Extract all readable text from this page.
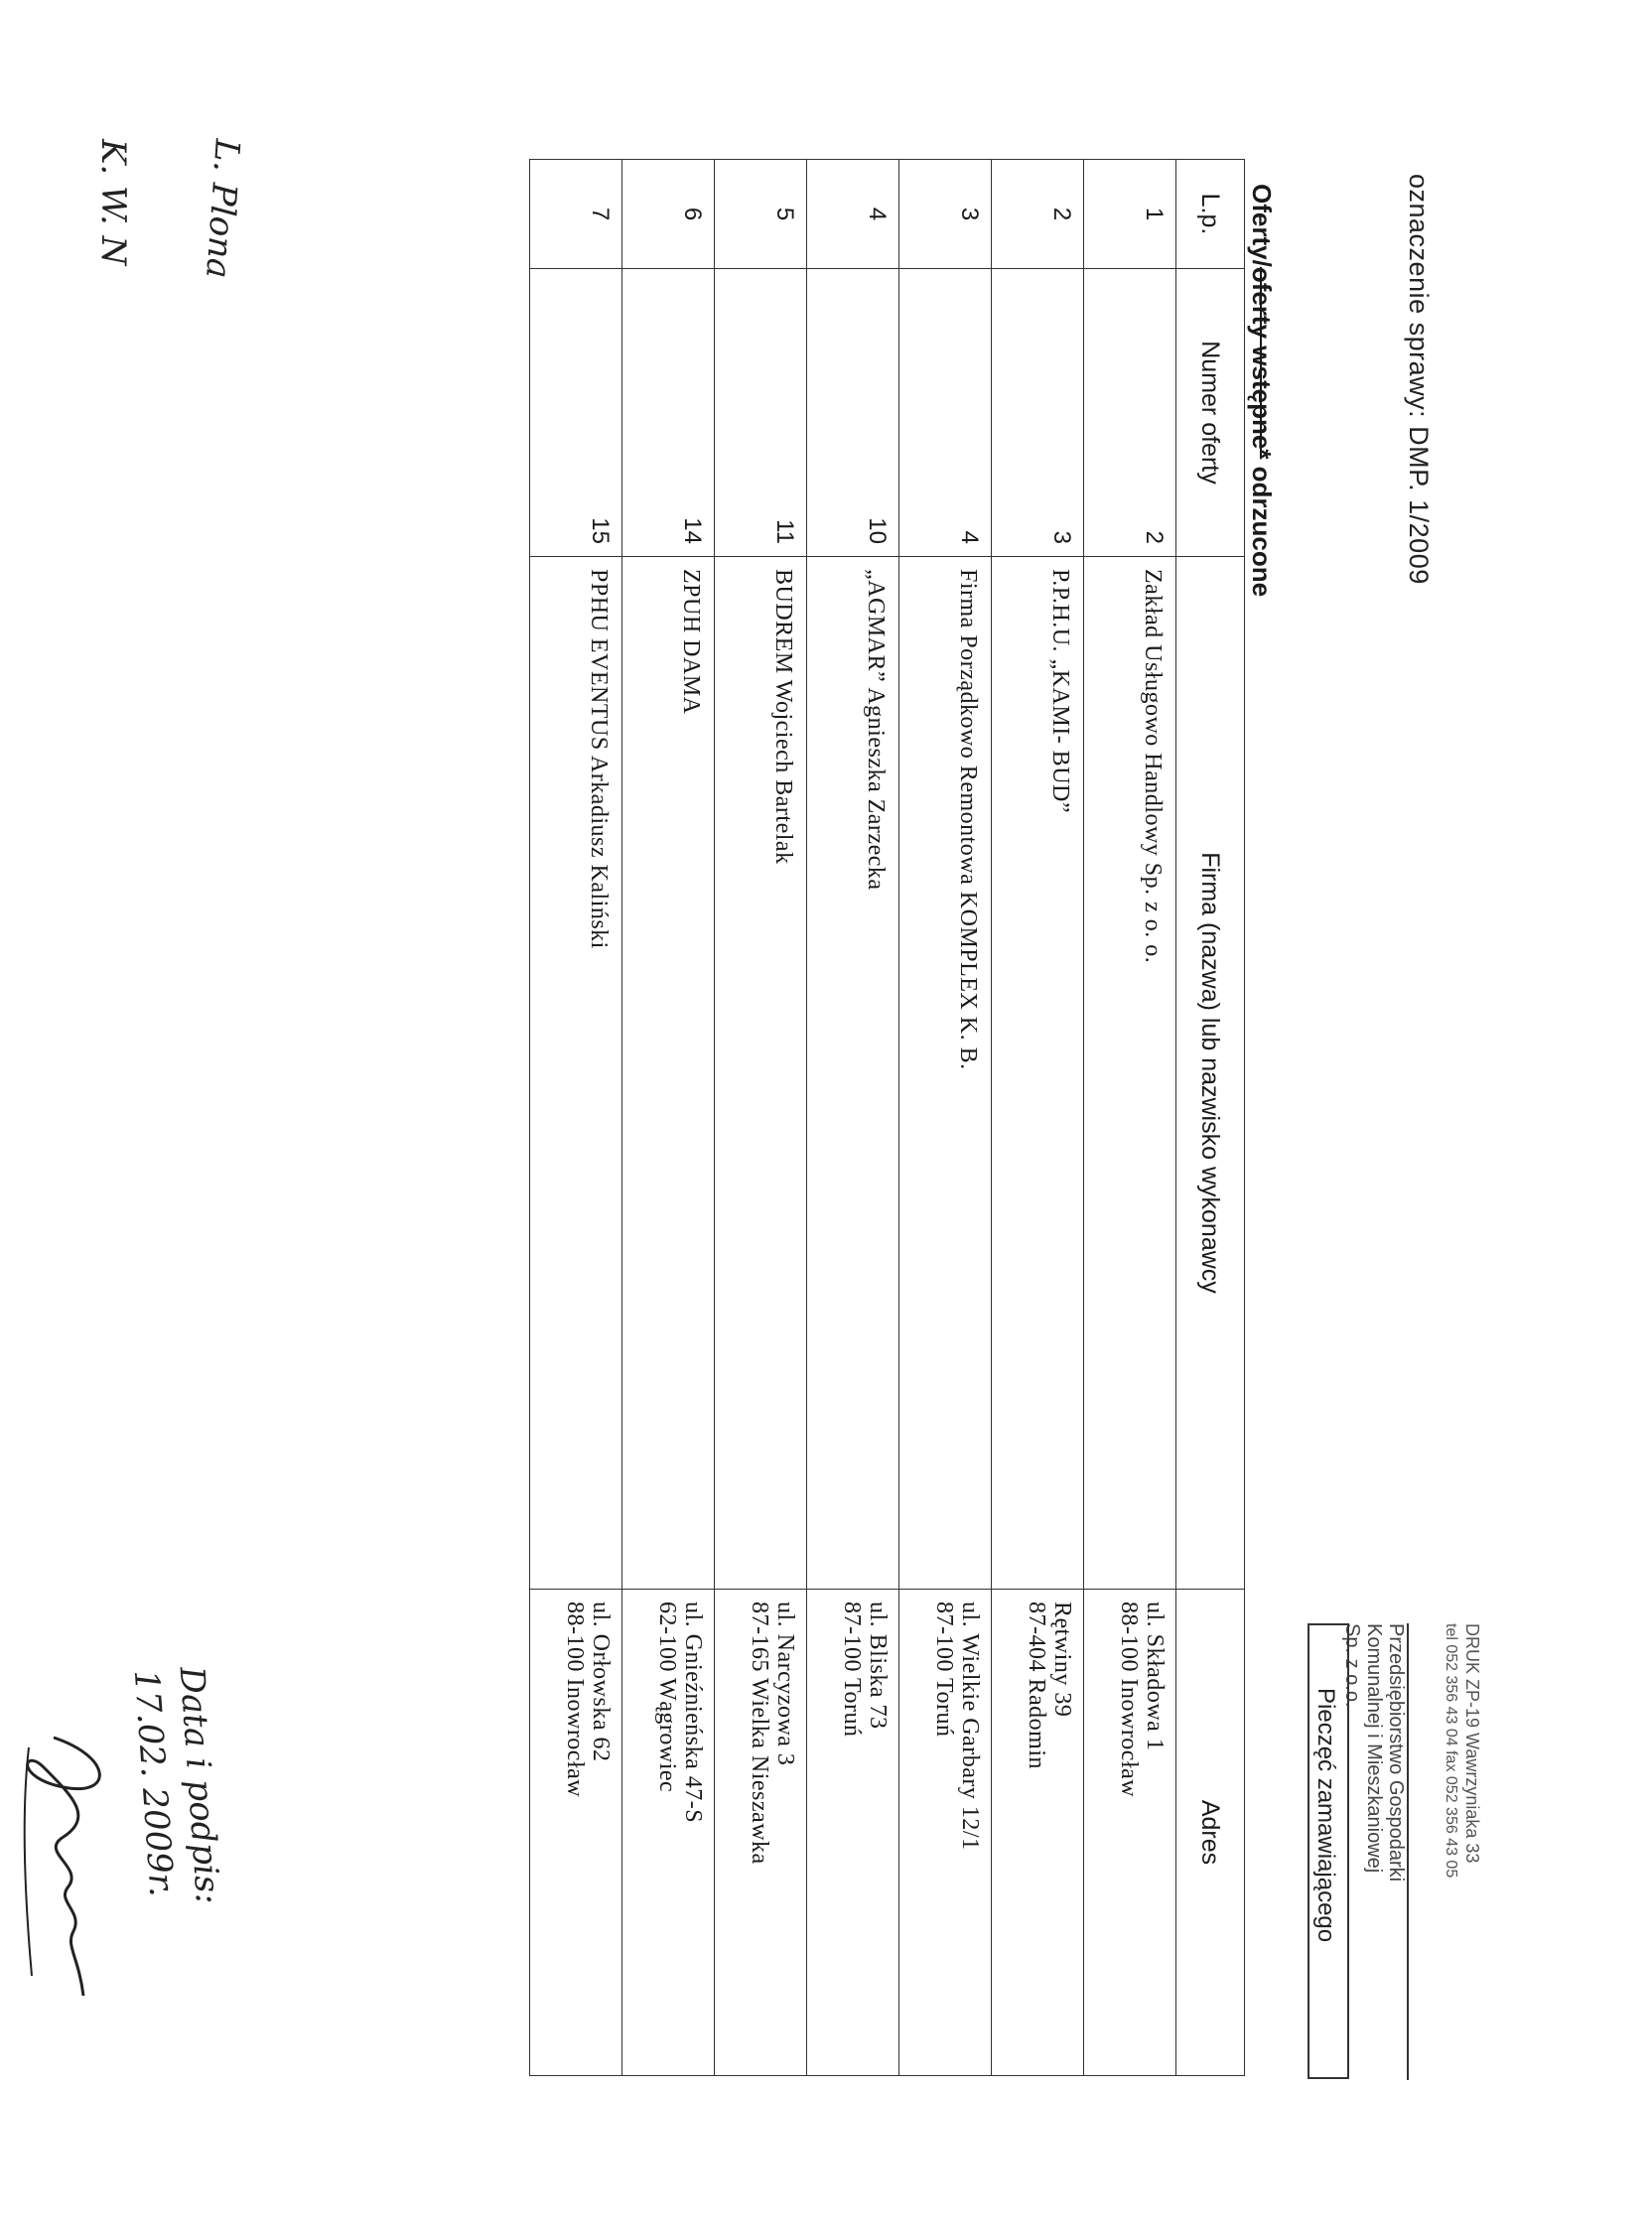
oznaczenie sprawy: DMP. 1/2009
Przedsiębiorstwo Gospodarki
Komunalnej i Mieszkaniowej
Sp. z o.o.
Pieczęć zamawiającego	DRUK ZP-19 Wawrzyniaka 33
tel 052 356 43 04 fax 052 356 43 05
Oferty/oferty wstępne* odrzucone
L.p.	Numer oferty	Firma (nazwa) lub nazwisko wykonawcy	Adres
1	2	Zakład Usługowo Handlowy Sp. z o. o.	ul. Składowa 1
88-100 Inowrocław

2	3	P.P.H.U. „KAMI- BUD”	Rętwiny 39
87-404 Radomin

3	4	Firma Porządkowo Remontowa KOMPLEX K. B.	ul. Wielkie Garbary 12/1
87-100 Toruń

4	10	„AGMAR” Agnieszka Zarzecka	ul. Bliska 73
87-100 Toruń

5	11	BUDREM Wojciech Bartelak	ul. Narcyzowa 3
87-165 Wielka Nieszawka

6	14	ZPUH DAMA	ul. Gnieźnieńska 47-S
62-100 Wągrowiec

7	15	PPHU EVENTUS Arkadiusz Kaliński	ul. Orłowska 62
88-100 Inowrocław
Data i podpis:
17.02. 2009r.
L. Plona
K. W. N
